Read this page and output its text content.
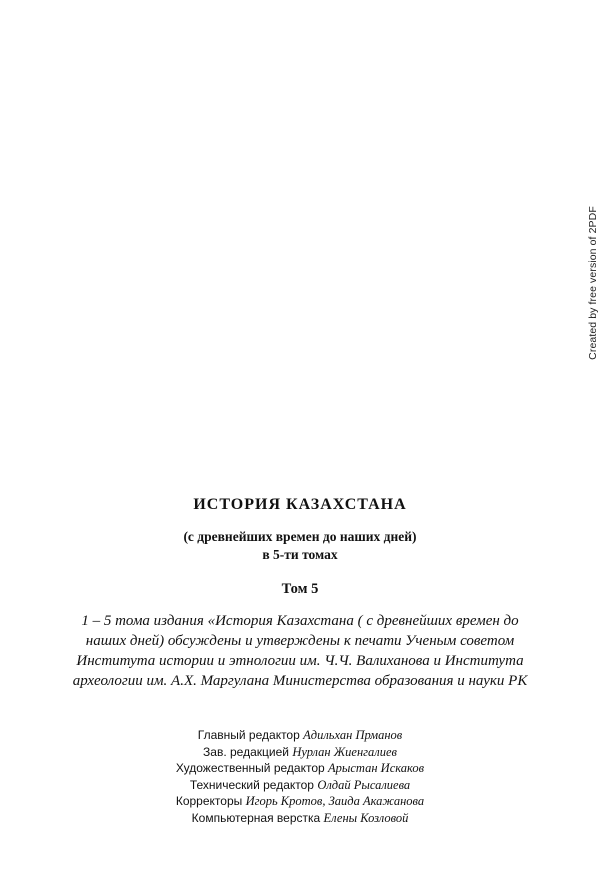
Created by free version of 2PDF
ИСТОРИЯ КАЗАХСТАНА
(с древнейших времен до наших дней)
в 5-ти томах
Том 5
1 – 5 тома издания «История Казахстана ( с древнейших времен до
наших дней) обсуждены и утверждены к печати Ученым советом
Института истории и этнологии им. Ч.Ч. Валиханова и Института
археологии им. А.Х. Маргулана Министерства образования и науки РК
Главный редактор Адильхан Прманов
Зав. редакцией Нурлан Жиенгалиев
Художественный редактор Арыстан Искаков
Технический редактор Олдай Рысалиева
Корректоры Игорь Кротов, Заида Акажанова
Компьютерная верстка Елены Козловой
